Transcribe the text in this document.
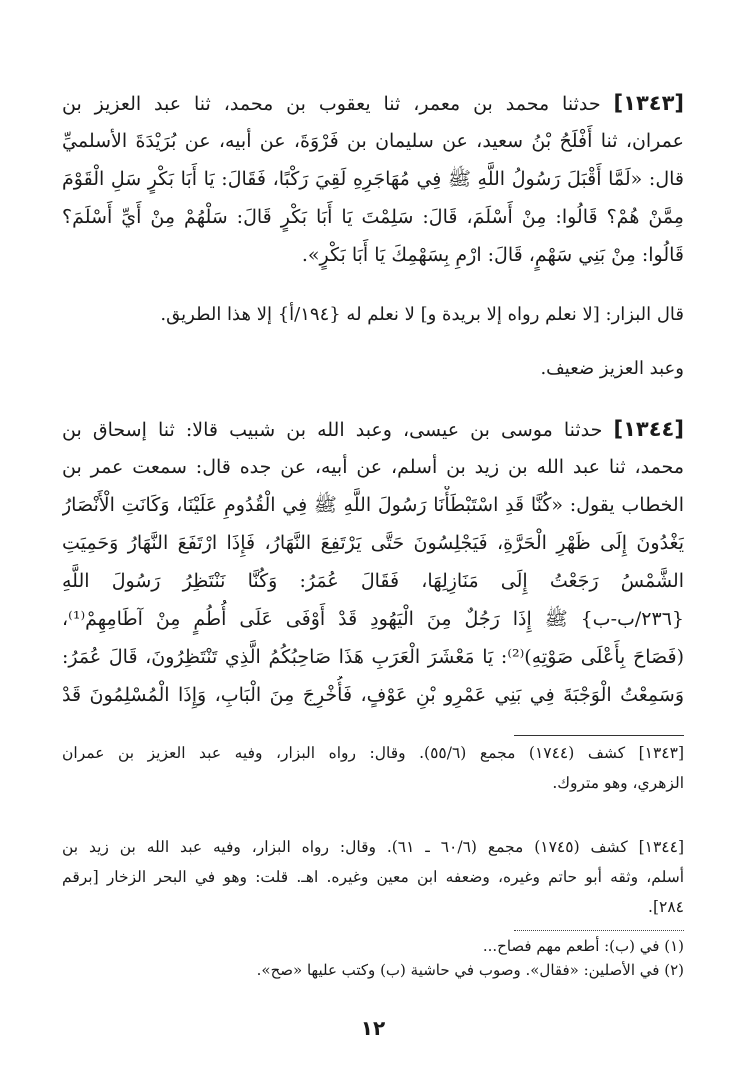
[١٣٤٣] حدثنا محمد بن معمر، ثنا يعقوب بن محمد، ثنا عبد العزيز بن
عمران، ثنا أَفْلَحُ بْنُ سعيد، عن سليمان بن فَرْوَةَ، عن أبيه، عن بُرَيْدَةَ الأسلميِّ
قال: «لَمَّا أَقْبَلَ رَسُولُ اللَّهِ ﷺ فِي مُهَاجَرِهِ لَقِيَ رَكْبًا، فَقَالَ: يَا أَبَا بَكْرٍ سَلِ الْقَوْمَ
مِمَّنْ هُمْ؟ قَالُوا: مِنْ أَسْلَمَ، قَالَ: سَلِمْتَ يَا أَبَا بَكْرٍ قَالَ: سَلْهُمْ مِنْ أَيِّ أَسْلَمَ؟
قَالُوا: مِنْ بَنِي سَهْمٍ، قَالَ: ارْمِ بِسَهْمِكَ يَا أَبَا بَكْرٍ».
قال البزار: [لا نعلم رواه إلا بريدة و] لا نعلم له {١٩٤/أ} إلا هذا الطريق.
وعبد العزيز ضعيف.
[١٣٤٤] حدثنا موسى بن عيسى، وعبد الله بن شبيب قالا: ثنا إسحاق بن
محمد، ثنا عبد الله بن زيد بن أسلم، عن أبيه، عن جده قال: سمعت عمر بن
الخطاب يقول: «كُنَّا قَدِ اسْتَبْطَأْنَا رَسُولَ اللَّهِ ﷺ فِي الْقُدُومِ عَلَيْنَا، وَكَانَتِ الْأَنْصَارُ
يَغْدُونَ إِلَى ظَهْرِ الْحَرَّةِ، فَيَجْلِسُونَ حَتَّى يَرْتَفِعَ النَّهَارُ، فَإِذَا ارْتَفَعَ النَّهَارُ وَحَمِيَتِ
الشَّمْسُ رَجَعْتُ إِلَى مَنَازِلِهَا، فَقَالَ عُمَرُ: وَكُنَّا نَنْتَظِرُ رَسُولَ اللَّهِ
{٢٣٦/ب-ب} ﷺ إِذَا رَجُلٌ مِنَ الْيَهُودِ قَدْ أَوْفَى عَلَى أُطُمٍ مِنْ آطَامِهِمْ⁽¹⁾،
(فَصَاحَ بِأَعْلَى صَوْتِهِ)⁽²⁾: يَا مَعْشَرَ الْعَرَبِ هَذَا صَاحِبُكُمُ الَّذِي تَنْتَظِرُونَ، قَالَ عُمَرُ:
وَسَمِعْتُ الْوَجْبَةَ فِي بَنِي عَمْرِو بْنِ عَوْفٍ، فَأُخْرِجَ مِنَ الْبَابِ، وَإِذَا الْمُسْلِمُونَ قَدْ
[١٣٤٣] كشف (١٧٤٤) مجمع (٥٥/٦). وقال: رواه البزار، وفيه عبد العزيز بن عمران
الزهري، وهو متروك.
[١٣٤٤] كشف (١٧٤٥) مجمع (٦٠/٦ ـ ٦١). وقال: رواه البزار، وفيه عبد الله بن زيد بن
أسلم، وثقه أبو حاتم وغيره، وضعفه ابن معين وغيره. اهـ. قلت: وهو في البحر الزخار [برقم
٢٨٤].
(١) في (ب): أطعم مهم فصاح...
(٢) في الأصلين: «فقال». وصوب في حاشية (ب) وكتب عليها «صح».
١٢
